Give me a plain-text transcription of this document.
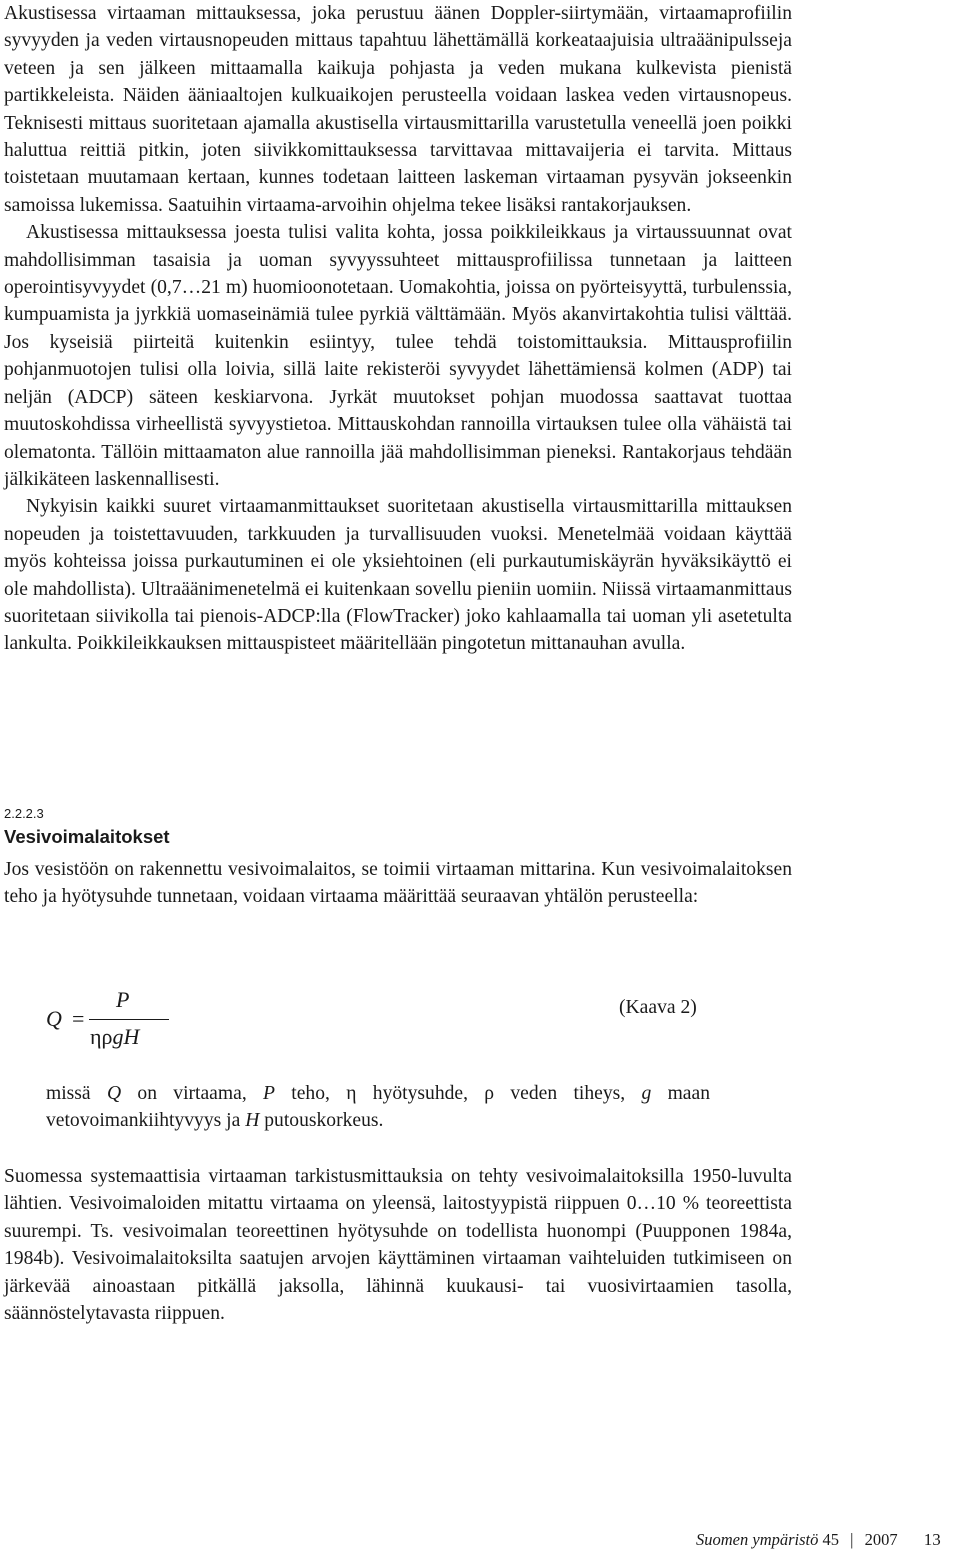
Akustisessa virtaaman mittauksessa, joka perustuu äänen Doppler-siirtymään, virtaamaprofiilin syvyyden ja veden virtausnopeuden mittaus tapahtuu lähettämällä korkeataajuisia ultraäänipulsseja veteen ja sen jälkeen mittaamalla kaikuja pohjasta ja veden mukana kulkevista pienistä partikkeleista. Näiden ääniaaltojen kulkuaikojen perusteella voidaan laskea veden virtausnopeus. Teknisesti mittaus suoritetaan ajamalla akustisella virtausmittarilla varustetulla veneellä joen poikki haluttua reittiä pitkin, joten siivikkomittauksessa tarvittavaa mittavaijeria ei tarvita. Mittaus toistetaan muutamaan kertaan, kunnes todetaan laitteen laskeman virtaaman pysyvän jokseenkin samoissa lukemissa. Saatuihin virtaama-arvoihin ohjelma tekee lisäksi rantakorjauksen.

Akustisessa mittauksessa joesta tulisi valita kohta, jossa poikkileikkaus ja virtaussuunnat ovat mahdollisimman tasaisia ja uoman syvyyssuhteet mittausprofiilissa tunnetaan ja laitteen operointisyvyydet (0,7…21 m) huomioonotetaan. Uomakohtia, joissa on pyörteisyyttä, turbulenssia, kumpuamista ja jyrkkiä uomaseinämiä tulee pyrkiä välttämään. Myös akanvirtakohtia tulisi välttää. Jos kyseisiä piirteitä kuitenkin esiintyy, tulee tehdä toistomittauksia. Mittausprofiilin pohjanmuotojen tulisi olla loivia, sillä laite rekisteröi syvyydet lähettämiensä kolmen (ADP) tai neljän (ADCP) säteen keskiarvona. Jyrkät muutokset pohjan muodossa saattavat tuottaa muutoskohdissa virheellistä syvyystietoa. Mittauskohdan rannoilla virtauksen tulee olla vähäistä tai olematonta. Tällöin mittaamaton alue rannoilla jää mahdollisimman pieneksi. Rantakorjaus tehdään jälkikäteen laskennallisesti.

Nykyisin kaikki suuret virtaamanmittaukset suoritetaan akustisella virtausmittarilla mittauksen nopeuden ja toistettavuuden, tarkkuuden ja turvallisuuden vuoksi. Menetelmää voidaan käyttää myös kohteissa joissa purkautuminen ei ole yksiehtoinen (eli purkautumiskäyrän hyväksikäyttö ei ole mahdollista). Ultraäänimenetelmä ei kuitenkaan sovellu pieniin uomiin. Niissä virtaamanmittaus suoritetaan siivikolla tai pienois-ADCP:lla (FlowTracker) joko kahlaamalla tai uoman yli asetetulta lankulta. Poikkileikkauksen mittauspisteet määritellään pingotetun mittanauhan avulla.

2.2.2.3
Vesivoimalaitokset

Jos vesistöön on rakennettu vesivoimalaitos, se toimii virtaaman mittarina. Kun vesivoimalaitoksen teho ja hyötysuhde tunnetaan, voidaan virtaama määrittää seuraavan yhtälön perusteella:

Q =
P
ηρgH
(Kaava 2)

missä Q on virtaama, P teho, η hyötysuhde, ρ veden tiheys, g maan vetovoimankiihtyvyys ja H putouskorkeus.

Suomessa systemaattisia virtaaman tarkistusmittauksia on tehty vesivoimalaitoksilla 1950-luvulta lähtien. Vesivoimaloiden mitattu virtaama on yleensä, laitostyypistä riippuen 0…10 % teoreettista suurempi. Ts. vesivoimalan teoreettinen hyötysuhde on todellista huonompi (Puupponen 1984a, 1984b). Vesivoimalaitoksilta saatujen arvojen käyttäminen virtaaman vaihteluiden tutkimiseen on järkevää ainoastaan pitkällä jaksolla, lähinnä kuukausi- tai vuosivirtaamien tasolla, säännöstelytavasta riippuen.

Suomen ympäristö 45 | 2007 13
